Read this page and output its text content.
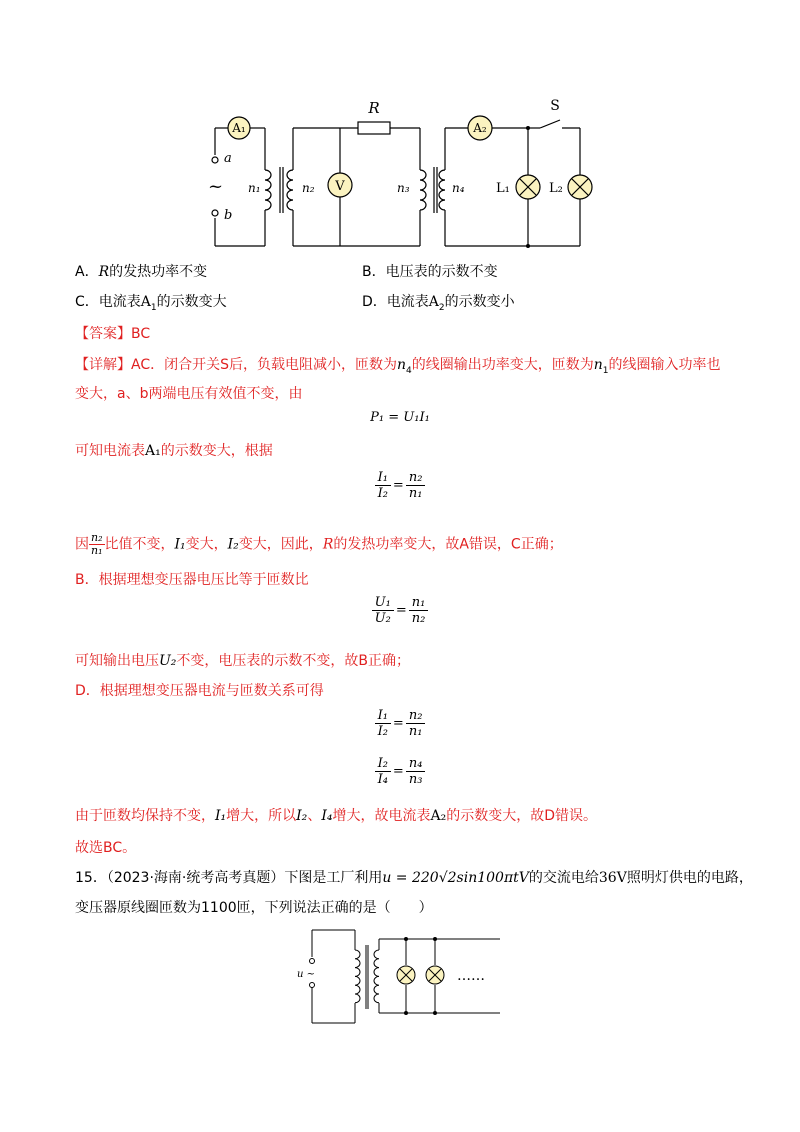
A₁
V
A₂
R	S
a
b
~ n₁	n₂	n₃	n₄ L₁	L₂
A．R的发热功率不变	B．电压表的示数不变
C．电流表$A_1$的示数变大	D．电流表$A_2$的示数变小
【答案】BC
【详解】AC．闭合开关S后，负载电阻减小，匝数为$n_4$的线圈输出功率变大，匝数为$n_1$的线圈输入功率也
变大，a、b两端电压有效值不变，由
P₁ = U₁I₁
可知电流表A₁的示数变大，根据
$\frac{\text{I₁}}{\text{I₂}} = \frac{\text{n₂}}{\text{n₁}}$
因 $\frac{\text{n₂}}{\text{n₁}}$ 比值不变，I₁变大，I₂变大，因此，R的发热功率变大，故A错误，C正确；
B．根据理想变压器电压比等于匝数比
$\frac{\text{U₁}}{\text{U₂}} = \frac{\text{n₁}}{\text{n₂}}$
可知输出电压U₂不变，电压表的示数不变，故B正确；
D．根据理想变压器电流与匝数关系可得
$\frac{\text{I₁}}{\text{I₂}} = \frac{\text{n₂}}{\text{n₁}}$
$\frac{\text{I₂}}{\text{I₄}} = \frac{\text{n₄}}{\text{n₃}}$
由于匝数均保持不变，I₁增大，所以I₂、I₄增大，故电流表A₂的示数变大，故D错误。
故选BC。
15．（2023·海南·统考高考真题）下图是工厂利用u = 220√2sin100πtV的交流电给36V照明灯供电的电路，
变压器原线圈匝数为1100匝，下列说法正确的是（　　）
u ~	……
